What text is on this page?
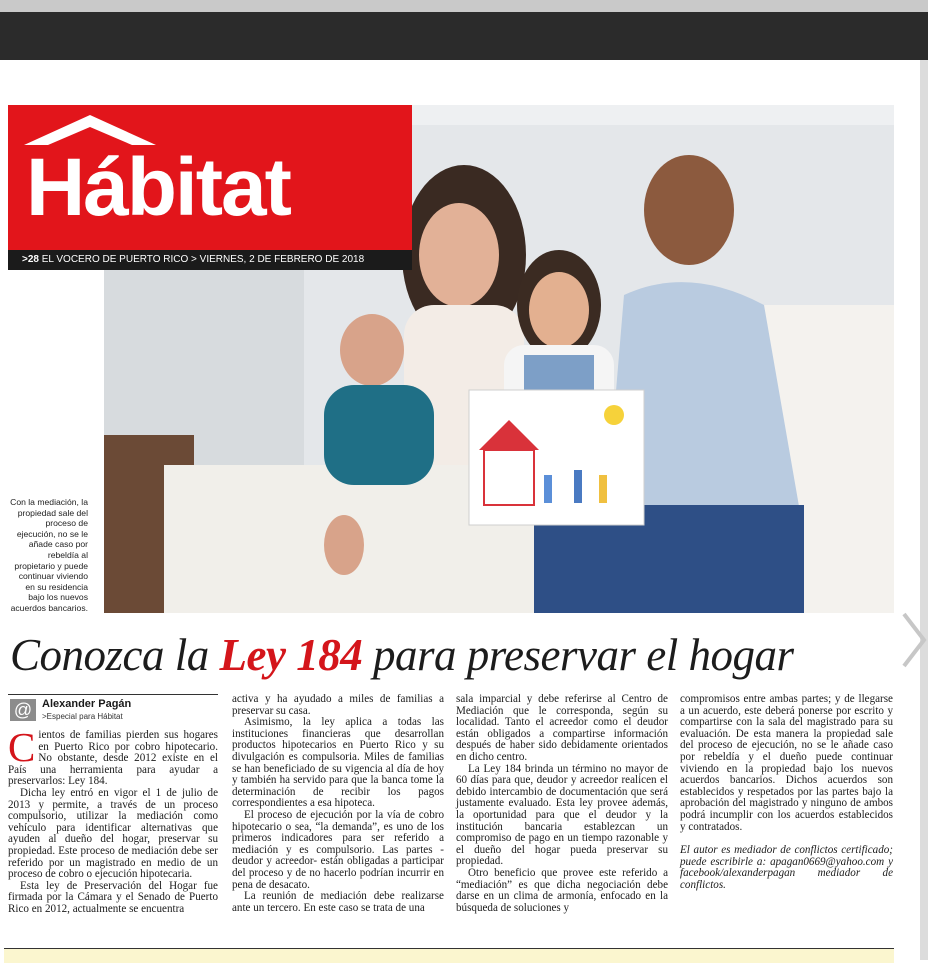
Hábitat
>28 EL VOCERO DE PUERTO RICO > VIERNES, 2 DE FEBRERO DE 2018
Con la mediación, la propiedad sale del proceso de ejecución, no se le añade caso por rebeldía al propietario y puede continuar viviendo en su residencia bajo los nuevos acuerdos bancarios.
Conozca la Ley 184 para preservar el hogar
@ Alexander Pagán
>Especial para Hábitat

Cientos de familias pierden sus hogares en Puerto Rico por cobro hipotecario. No obstante, desde 2012 existe en el País una herramienta para ayudar a preservarlos: Ley 184.

Dicha ley entró en vigor el 1 de julio de 2013 y permite, a través de un proceso compulsorio, utilizar la mediación como vehículo para identificar alternativas que ayuden al dueño del hogar, preservar su propiedad. Este proceso de mediación debe ser referido por un magistrado en medio de un proceso de cobro o ejecución hipotecaria.

Esta ley de Preservación del Hogar fue firmada por la Cámara y el Senado de Puerto Rico en 2012, actualmente se encuentra

activa y ha ayudado a miles de familias a preservar su casa.

Asimismo, la ley aplica a todas las instituciones financieras que desarrollan productos hipotecarios en Puerto Rico y su divulgación es compulsoria. Miles de familias se han beneficiado de su vigencia al día de hoy y también ha servido para que la banca tome la determinación de recibir los pagos correspondientes a esa hipoteca.

El proceso de ejecución por la vía de cobro hipotecario o sea, “la demanda”, es uno de los primeros indicadores para ser referido a mediación y es compulsorio. Las partes -deudor y acreedor- están obligadas a participar del proceso y de no hacerlo podrían incurrir en pena de desacato.

La reunión de mediación debe realizarse ante un tercero. En este caso se trata de una

sala imparcial y debe referirse al Centro de Mediación que le corresponda, según su localidad. Tanto el acreedor como el deudor están obligados a compartirse información después de haber sido debidamente orientados en dicho centro.

La Ley 184 brinda un término no mayor de 60 días para que, deudor y acreedor realicen el debido intercambio de documentación que será justamente evaluado. Esta ley provee además, la oportunidad para que el deudor y la institución bancaria establezcan un compromiso de pago en un tiempo razonable y el dueño del hogar pueda preservar su propiedad.

Otro beneficio que provee este referido a “mediación” es que dicha negociación debe darse en un clima de armonía, enfocado en la búsqueda de soluciones y

compromisos entre ambas partes; y de llegarse a un acuerdo, este deberá ponerse por escrito y compartirse con la sala del magistrado para su evaluación. De esta manera la propiedad sale del proceso de ejecución, no se le añade caso por rebeldía y el dueño puede continuar viviendo en la propiedad bajo los nuevos acuerdos bancarios. Dichos acuerdos son establecidos y respetados por las partes bajo la aprobación del magistrado y ninguno de ambos podrá incumplir con los acuerdos establecidos y contratados.

El autor es mediador de conflictos certificado; puede escribirle a: apagan0669@yahoo.com y facebook/alexanderpagan mediador de conflictos.
